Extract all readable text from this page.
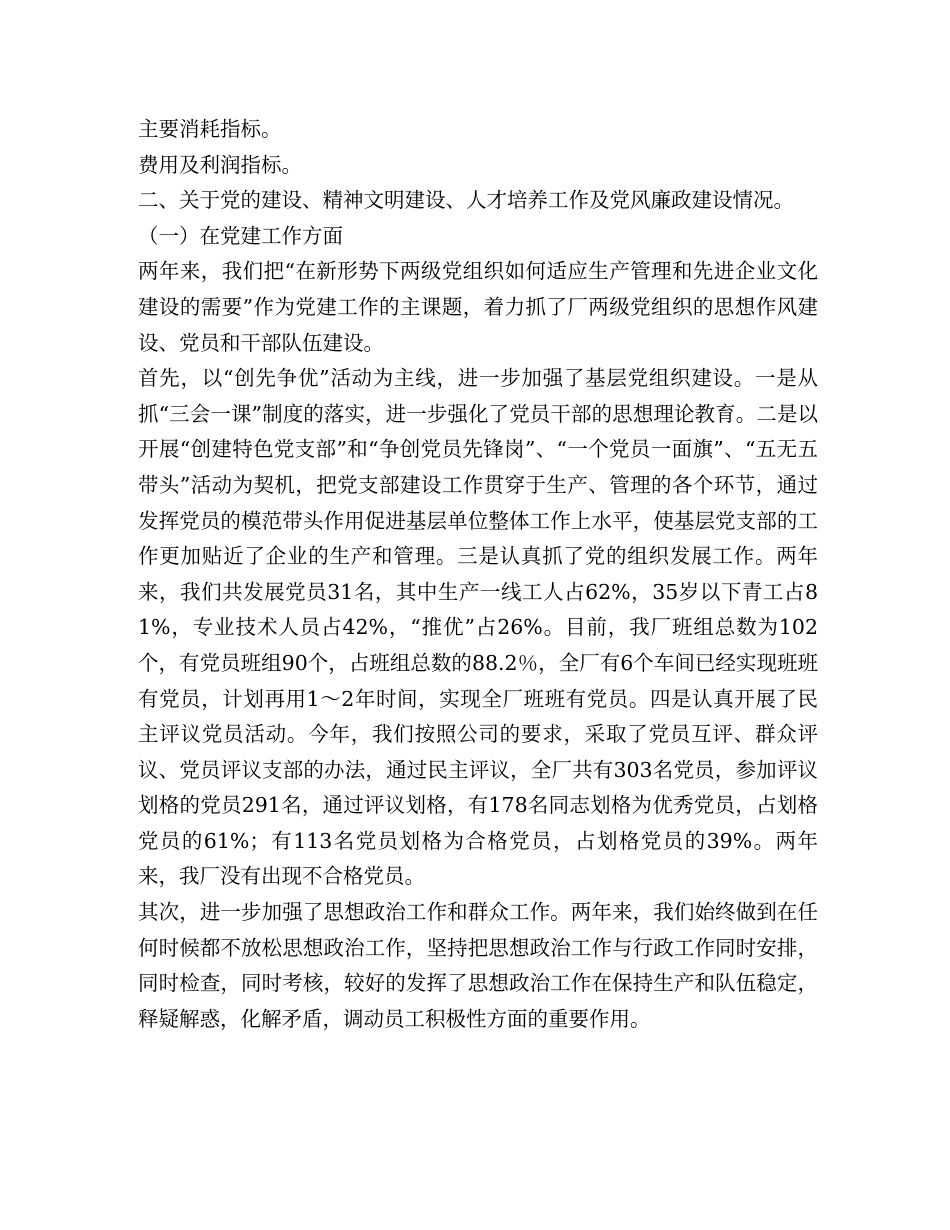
主要消耗指标。

费用及利润指标。

二、关于党的建设、精神文明建设、人才培养工作及党风廉政建设情况。

（一）在党建工作方面

两年来，我们把“在新形势下两级党组织如何适应生产管理和先进企业文化建设的需要”作为党建工作的主课题，着力抓了厂两级党组织的思想作风建设、党员和干部队伍建设。

首先，以“创先争优”活动为主线，进一步加强了基层党组织建设。一是从抓“三会一课”制度的落实，进一步强化了党员干部的思想理论教育。二是以开展“创建特色党支部”和“争创党员先锋岗”、“一个党员一面旗”、“五无五带头”活动为契机，把党支部建设工作贯穿于生产、管理的各个环节，通过发挥党员的模范带头作用促进基层单位整体工作上水平，使基层党支部的工作更加贴近了企业的生产和管理。三是认真抓了党的组织发展工作。两年来，我们共发展党员31名，其中生产一线工人占62%，35岁以下青工占81%，专业技术人员占42%，“推优”占26%。目前，我厂班组总数为102个，有党员班组90个，占班组总数的88.2％，全厂有6个车间已经实现班班有党员，计划再用1～2年时间，实现全厂班班有党员。四是认真开展了民主评议党员活动。今年，我们按照公司的要求，采取了党员互评、群众评议、党员评议支部的办法，通过民主评议，全厂共有303名党员，参加评议划格的党员291名，通过评议划格，有178名同志划格为优秀党员，占划格党员的61%；有113名党员划格为合格党员，占划格党员的39%。两年来，我厂没有出现不合格党员。

其次，进一步加强了思想政治工作和群众工作。两年来，我们始终做到在任何时候都不放松思想政治工作，坚持把思想政治工作与行政工作同时安排，同时检查，同时考核，较好的发挥了思想政治工作在保持生产和队伍稳定，释疑解惑，化解矛盾，调动员工积极性方面的重要作用。
